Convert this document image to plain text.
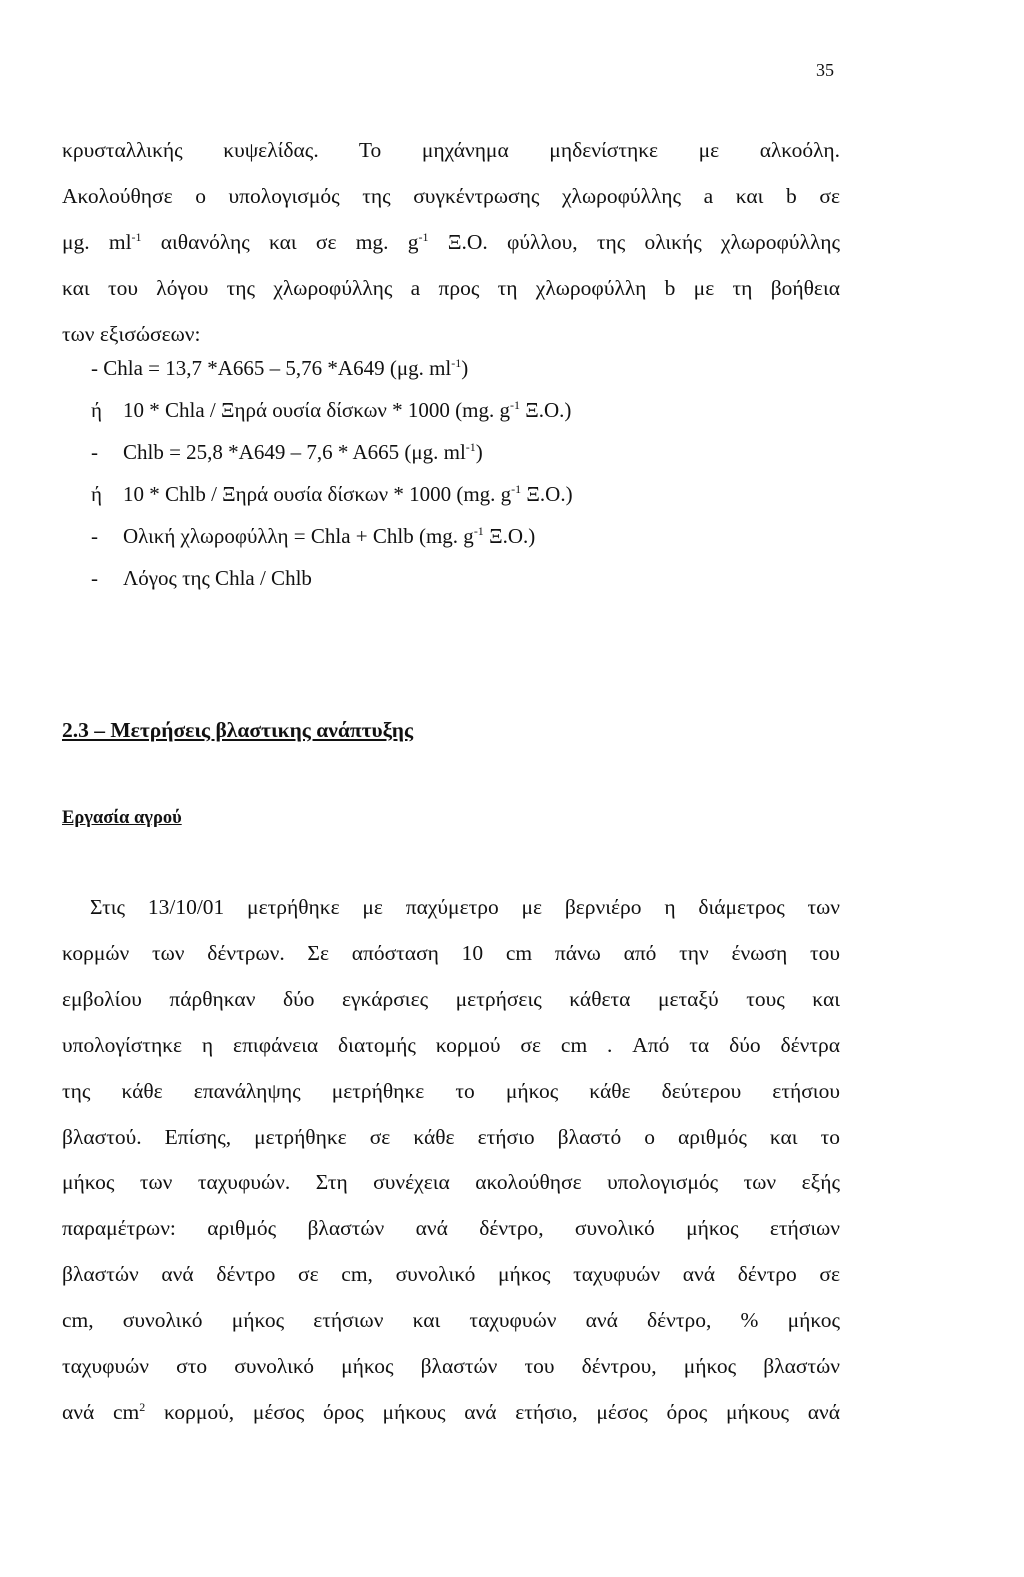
35
κρυσταλλικής κυψελίδας. Το μηχάνημα μηδενίστηκε με αλκοόλη.
Ακολούθησε ο υπολογισμός της συγκέντρωσης χλωροφύλλης a και b σε
μg. $ml^{-1}$ αιθανόλης και σε mg. $g^{-1}$ Ξ.Ο. φύλλου, της ολικής χλωροφύλλης
και του λόγου της χλωροφύλλης a προς τη χλωροφύλλη b με τη βοήθεια
των εξισώσεων:
- Chla = 13,7 *A665 – 5,76 *A649 (μg. $ml^{-1}$)
ή 10 * Chla / Ξηρά ουσία δίσκων * 1000 (mg. $g^{-1}$ Ξ.Ο.)
- Chlb = 25,8 *A649 – 7,6 * A665 (μg. $ml^{-1}$)
ή 10 * Chlb / Ξηρά ουσία δίσκων * 1000 (mg. $g^{-1}$ Ξ.Ο.)
- Ολική χλωροφύλλη = Chla + Chlb (mg. $g^{-1}$ Ξ.Ο.)
- Λόγος της Chla / Chlb
2.3 – Μετρήσεις βλαστικης ανάπτυξης
Εργασία αγρού
Στις 13/10/01 μετρήθηκε με παχύμετρο με βερνιέρο η διάμετρος των
κορμών των δέντρων. Σε απόσταση 10 cm πάνω από την ένωση του
εμβολίου πάρθηκαν δύο εγκάρσιες μετρήσεις κάθετα μεταξύ τους και
υπολογίστηκε η επιφάνεια διατομής κορμού σε cm . Από τα δύο δέντρα
της κάθε επανάληψης μετρήθηκε το μήκος κάθε δεύτερου ετήσιου
βλαστού. Επίσης, μετρήθηκε σε κάθε ετήσιο βλαστό ο αριθμός και το
μήκος των ταχυφυών. Στη συνέχεια ακολούθησε υπολογισμός των εξής
παραμέτρων: αριθμός βλαστών ανά δέντρο, συνολικό μήκος ετήσιων
βλαστών ανά δέντρο σε cm, συνολικό μήκος ταχυφυών ανά δέντρο σε
cm, συνολικό μήκος ετήσιων και ταχυφυών ανά δέντρο, % μήκος
ταχυφυών στο συνολικό μήκος βλαστών του δέντρου, μήκος βλαστών
ανά $cm^2$ κορμού, μέσος όρος μήκους ανά ετήσιο, μέσος όρος μήκους ανά
